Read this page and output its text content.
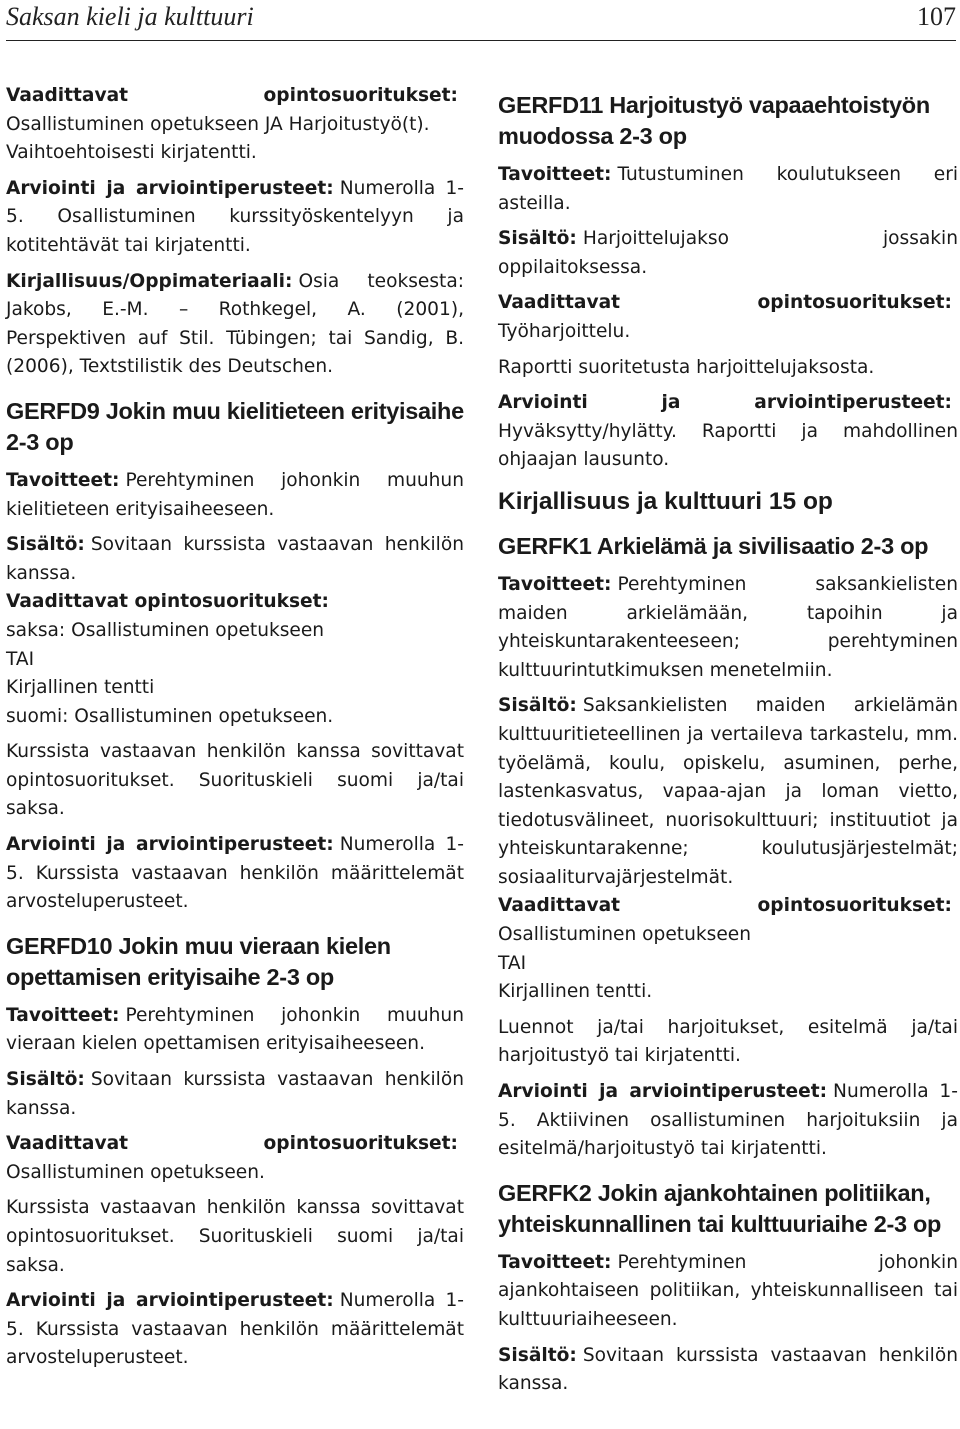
Saksan kieli ja kulttuuri	107

Vaadittavat opintosuoritukset:Osallistuminen opetukseen JA Harjoitustyö(t).
Vaihtoehtoisesti kirjatentti.

Arviointi ja arviointiperusteet: Numerolla 1-5. Osallistuminen kurssityöskentelyyn ja kotitehtävät tai kirjatentti.

Kirjallisuus/Oppimateriaali: Osia teoksesta: Jakobs, E.-M. – Rothkegel, A. (2001), Perspektiven auf Stil. Tübingen; tai Sandig, B. (2006), Textstilistik des Deutschen.

GERFD9 Jokin muu kielitieteen erityisaihe 2-3 op

Tavoitteet: Perehtyminen johonkin muuhun kielitieteen erityisaiheeseen.

Sisältö: Sovitaan kurssista vastaavan henkilön kanssa.

Vaadittavat opintosuoritukset:
saksa: Osallistuminen opetukseen
TAI
Kirjallinen tentti
suomi: Osallistuminen opetukseen.

Kurssista vastaavan henkilön kanssa sovittavat opintosuoritukset. Suorituskieli suomi ja/tai saksa.

Arviointi ja arviointiperusteet: Numerolla 1-5. Kurssista vastaavan henkilön määrittelemät arvosteluperusteet.

GERFD10 Jokin muu vieraan kielen opettamisen erityisaihe 2-3 op

Tavoitteet: Perehtyminen johonkin muuhun vieraan kielen opettamisen erityisaiheeseen.

Sisältö: Sovitaan kurssista vastaavan henkilön kanssa.

Vaadittavat opintosuoritukset:Osallistuminen opetukseen.

Kurssista vastaavan henkilön kanssa sovittavat opintosuoritukset. Suorituskieli suomi ja/tai saksa.

Arviointi ja arviointiperusteet: Numerolla 1-5. Kurssista vastaavan henkilön määrittelemät arvosteluperusteet.

GERFD11 Harjoitustyö vapaaehtoistyön muodossa 2-3 op

Tavoitteet: Tutustuminen koulutukseen eri asteilla.

Sisältö: Harjoittelujakso jossakin oppilaitoksessa.

Vaadittavat opintosuoritukset:Työharjoittelu.

Raportti suoritetusta harjoittelujaksosta.

Arviointi ja arviointiperusteet:Hyväksytty/hylätty. Raportti ja mahdollinen ohjaajan lausunto.

Kirjallisuus ja kulttuuri 15 op
GERFK1 Arkielämä ja sivilisaatio 2-3 op

Tavoitteet: Perehtyminen saksankielisten maiden arkielämään, tapoihin ja yhteiskuntarakenteeseen; perehtyminen kulttuurintutkimuksen menetelmiin.

Sisältö: Saksankielisten maiden arkielämän kulttuuritieteellinen ja vertaileva tarkastelu, mm. työelämä, koulu, opiskelu, asuminen, perhe, lastenkasvatus, vapaa-ajan ja loman vietto, tiedotusvälineet, nuorisokulttuuri; instituutiot ja yhteiskuntarakenne; koulutusjärjestelmät; sosiaaliturvajärjestelmät.

Vaadittavat opintosuoritukset:Osallistuminen opetukseen
TAI
Kirjallinen tentti.

Luennot ja/tai harjoitukset, esitelmä ja/tai harjoitustyö tai kirjatentti.

Arviointi ja arviointiperusteet: Numerolla 1-5. Aktiivinen osallistuminen harjoituksiin ja esitelmä/harjoitustyö tai kirjatentti.

GERFK2 Jokin ajankohtainen politiikan, yhteiskunnallinen tai kulttuuriaihe 2-3 op

Tavoitteet: Perehtyminen johonkin ajankohtaiseen politiikan, yhteiskunnalliseen tai kulttuuriaiheeseen.

Sisältö: Sovitaan kurssista vastaavan henkilön kanssa.
